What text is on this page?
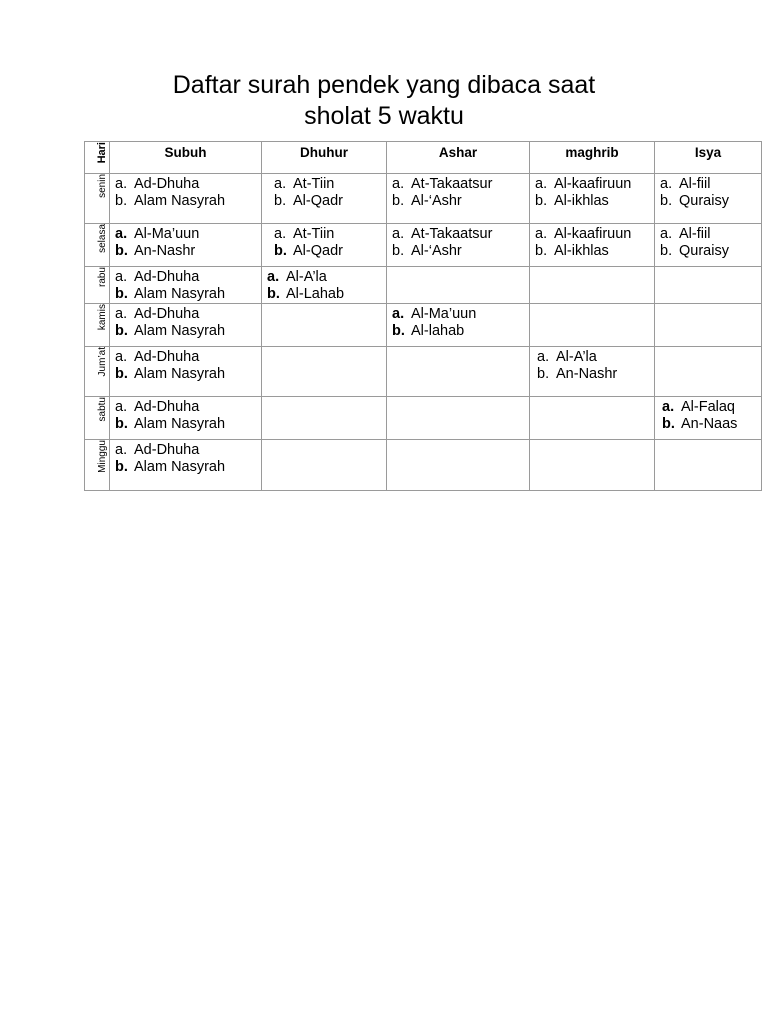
Daftar surah pendek yang dibaca saat
sholat 5 waktu
Hari	Subuh	Dhuhur	Ashar	maghrib	Isya

senin	a. Ad-Dhuha
b. Alam Nasyrah	a. At-Tiin
b. Al-Qadr	a. At-Takaatsur
b. Al-‘Ashr	a. Al-kaafiruun
b. Al-ikhlas	a. Al-fiil
b. Quraisy

selasa	a. Al-Ma’uun
b. An-Nashr	a. At-Tiin
b. Al-Qadr	a. At-Takaatsur
b. Al-‘Ashr	a. Al-kaafiruun
b. Al-ikhlas	a. Al-fiil
b. Quraisy

rabu	a. Ad-Dhuha
b. Alam Nasyrah	a. Al-A’la
b. Al-Lahab			

kamis	a. Ad-Dhuha
b. Alam Nasyrah		a. Al-Ma’uun
b. Al-lahab		

Jum’at	a. Ad-Dhuha
b. Alam Nasyrah			a. Al-A’la
b. An-Nashr	

sabtu	a. Ad-Dhuha
b. Alam Nasyrah				a. Al-Falaq
b. An-Naas

Minggu	a. Ad-Dhuha
b. Alam Nasyrah				
